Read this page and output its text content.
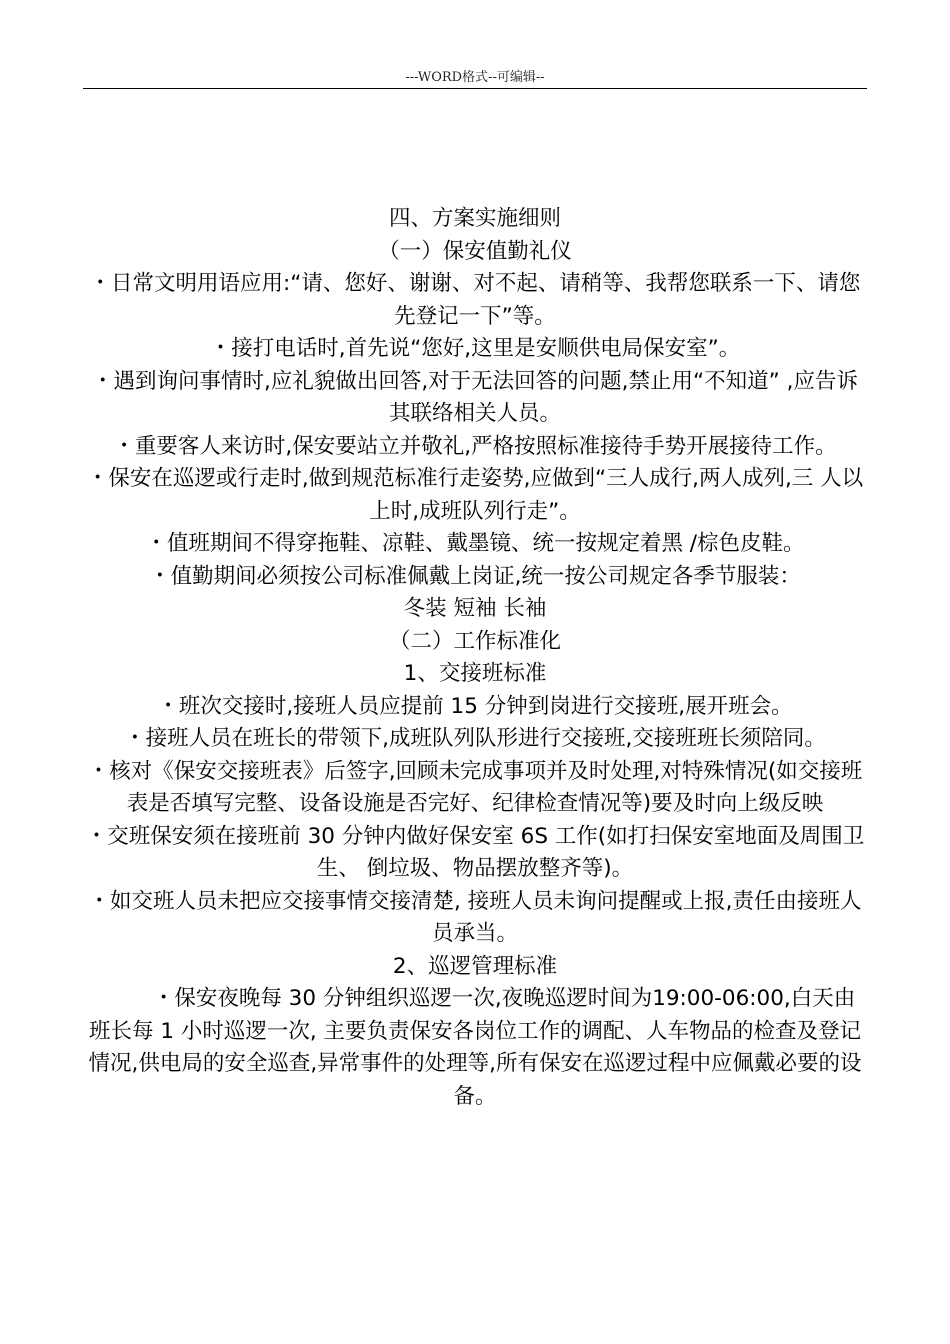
---WORD格式--可编辑--

四、方案实施细则

（一）保安值勤礼仪

・日常文明用语应用:“请、您好、谢谢、对不起、请稍等、我帮您联系一下、请您先登记一下”等。

・接打电话时,首先说“您好,这里是安顺供电局保安室”。

・遇到询问事情时,应礼貌做出回答,对于无法回答的问题,禁止用“不知道” ,应告诉其联络相关人员。

・重要客人来访时,保安要站立并敬礼,严格按照标准接待手势开展接待工作。

・保安在巡逻或行走时,做到规范标准行走姿势,应做到“三人成行,两人成列,三 人以上时,成班队列行走”。

・值班期间不得穿拖鞋、凉鞋、戴墨镜、统一按规定着黑 /棕色皮鞋。

・值勤期间必须按公司标准佩戴上岗证,统一按公司规定各季节服装：

冬装 短袖 长袖

（二）工作标准化

1、交接班标准

・班次交接时,接班人员应提前 15 分钟到岗进行交接班,展开班会。

・接班人员在班长的带领下,成班队列队形进行交接班,交接班班长须陪同。

・核对《保安交接班表》后签字,回顾未完成事项并及时处理,对特殊情况(如交接班表是否填写完整、设备设施是否完好、纪律检查情况等)要及时向上级反映

・交班保安须在接班前 30 分钟内做好保安室 6S 工作(如打扫保安室地面及周围卫生、 倒垃圾、物品摆放整齐等)。

・如交班人员未把应交接事情交接清楚, 接班人员未询问提醒或上报,责任由接班人员承当。

2、巡逻管理标准

・保安夜晚每 30 分钟组织巡逻一次,夜晚巡逻时间为19:00-06:00,白天由班长每 1 小时巡逻一次, 主要负责保安各岗位工作的调配、人车物品的检查及登记情况,供电局的安全巡查,异常事件的处理等,所有保安在巡逻过程中应佩戴必要的设备。
